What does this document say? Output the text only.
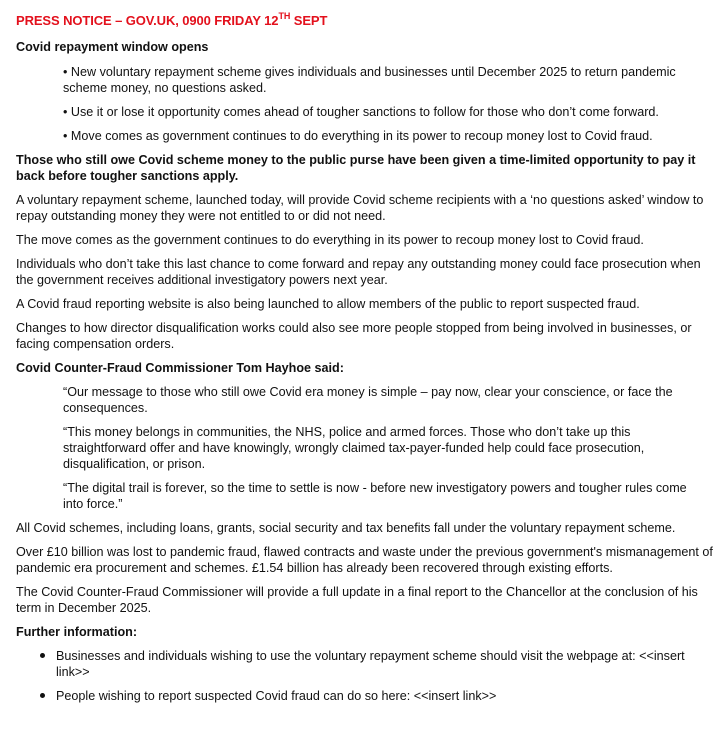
PRESS NOTICE – GOV.UK, 0900 FRIDAY 12TH SEPT
Covid repayment window opens

• New voluntary repayment scheme gives individuals and businesses until December 2025 to return pandemic scheme money, no questions asked.

• Use it or lose it opportunity comes ahead of tougher sanctions to follow for those who don’t come forward.

• Move comes as government continues to do everything in its power to recoup money lost to Covid fraud.

Those who still owe Covid scheme money to the public purse have been given a time-limited opportunity to pay it back before tougher sanctions apply.

A voluntary repayment scheme, launched today, will provide Covid scheme recipients with a ‘no questions asked’ window to repay outstanding money they were not entitled to or did not need.

The move comes as the government continues to do everything in its power to recoup money lost to Covid fraud.

Individuals who don’t take this last chance to come forward and repay any outstanding money could face prosecution when the government receives additional investigatory powers next year.

A Covid fraud reporting website is also being launched to allow members of the public to report suspected fraud.

Changes to how director disqualification works could also see more people stopped from being involved in businesses, or facing compensation orders.

Covid Counter-Fraud Commissioner Tom Hayhoe said:

“Our message to those who still owe Covid era money is simple – pay now, clear your conscience, or face the consequences.

“This money belongs in communities, the NHS, police and armed forces. Those who don’t take up this straightforward offer and have knowingly, wrongly claimed tax-payer-funded help could face prosecution, disqualification, or prison.

“The digital trail is forever, so the time to settle is now - before new investigatory powers and tougher rules come into force.”

All Covid schemes, including loans, grants, social security and tax benefits fall under the voluntary repayment scheme.

Over £10 billion was lost to pandemic fraud, flawed contracts and waste under the previous government's mismanagement of pandemic era procurement and schemes. £1.54 billion has already been recovered through existing efforts.

The Covid Counter-Fraud Commissioner will provide a full update in a final report to the Chancellor at the conclusion of his term in December 2025.

Further information:

Businesses and individuals wishing to use the voluntary repayment scheme should visit the webpage at: <<insert link>>
People wishing to report suspected Covid fraud can do so here: <<insert link>>
